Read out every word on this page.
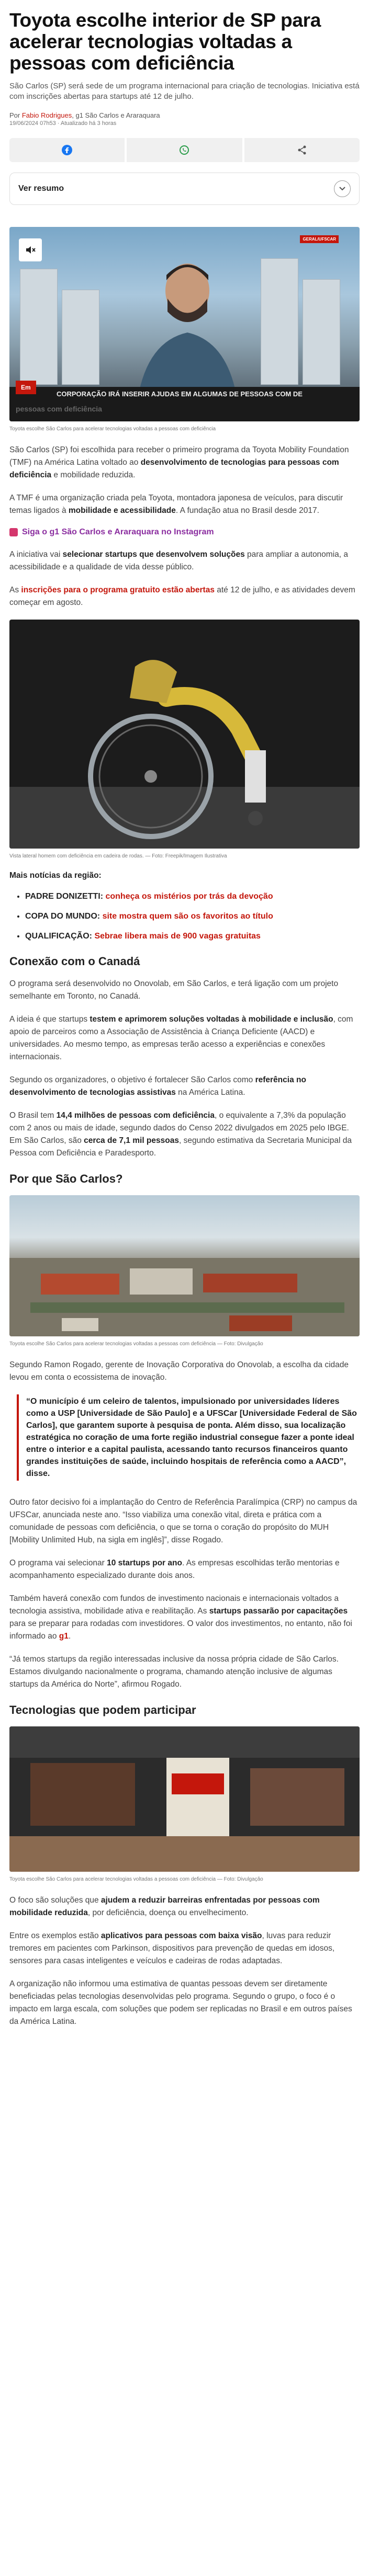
Toyota escolhe interior de SP para acelerar tecnologias voltadas a pessoas com deficiência

São Carlos (SP) será sede de um programa internacional para criação de tecnologias. Iniciativa está com inscrições abertas para startups até 12 de julho.

Por Fabio Rodrigues, g1 São Carlos e Araraquara
19/06/2024 07h53 · Atualizado há 3 horas
Ver resumo
GERAL/UFSCAR
Em
CORPORAÇÃO IRÁ INSERIR AJUDAS EM ALGUMAS DE PESSOAS COM DE
pessoas com deficiência
Toyota escolhe São Carlos para acelerar tecnologias voltadas a pessoas com deficiência

São Carlos (SP) foi escolhida para receber o primeiro programa da Toyota Mobility Foundation (TMF) na América Latina voltado ao desenvolvimento de tecnologias para pessoas com deficiência e mobilidade reduzida.

A TMF é uma organização criada pela Toyota, montadora japonesa de veículos, para discutir temas ligados à mobilidade e acessibilidade. A fundação atua no Brasil desde 2017.

Siga o g1 São Carlos e Araraquara no Instagram

A iniciativa vai selecionar startups que desenvolvem soluções para ampliar a autonomia, a acessibilidade e a qualidade de vida desse público.

As inscrições para o programa gratuito estão abertas até 12 de julho, e as atividades devem começar em agosto.

Vista lateral homem com deficiência em cadeira de rodas. — Foto: Freepik/Imagem Ilustrativa
Mais notícias da região:
• PADRE DONIZETTI: conheça os mistérios por trás da devoção
• COPA DO MUNDO: site mostra quem são os favoritos ao título
• QUALIFICAÇÃO: Sebrae libera mais de 900 vagas gratuitas
Conexão com o Canadá

O programa será desenvolvido no Onovolab, em São Carlos, e terá ligação com um projeto semelhante em Toronto, no Canadá.

A ideia é que startups testem e aprimorem soluções voltadas à mobilidade e inclusão, com apoio de parceiros como a Associação de Assistência à Criança Deficiente (AACD) e universidades. Ao mesmo tempo, as empresas terão acesso a experiências e conexões internacionais.

Segundo os organizadores, o objetivo é fortalecer São Carlos como referência no desenvolvimento de tecnologias assistivas na América Latina.

O Brasil tem 14,4 milhões de pessoas com deficiência, o equivalente a 7,3% da população com 2 anos ou mais de idade, segundo dados do Censo 2022 divulgados em 2025 pelo IBGE. Em São Carlos, são cerca de 7,1 mil pessoas, segundo estimativa da Secretaria Municipal da Pessoa com Deficiência e Paradesporto.

Por que São Carlos?
Toyota escolhe São Carlos para acelerar tecnologias voltadas a pessoas com deficiência — Foto: Divulgação

Segundo Ramon Rogado, gerente de Inovação Corporativa do Onovolab, a escolha da cidade levou em conta o ecossistema de inovação.

“O município é um celeiro de talentos, impulsionado por universidades líderes como a USP [Universidade de São Paulo] e a UFSCar [Universidade Federal de São Carlos], que garantem suporte à pesquisa de ponta. Além disso, sua localização estratégica no coração de uma forte região industrial consegue fazer a ponte ideal entre o interior e a capital paulista, acessando tanto recursos financeiros quanto grandes instituições de saúde, incluindo hospitais de referência como a AACD”, disse.

Outro fator decisivo foi a implantação do Centro de Referência Paralímpica (CRP) no campus da UFSCar, anunciada neste ano. “Isso viabiliza uma conexão vital, direta e prática com a comunidade de pessoas com deficiência, o que se torna o coração do propósito do MUH [Mobility Unlimited Hub, na sigla em inglês]”, disse Rogado.

O programa vai selecionar 10 startups por ano. As empresas escolhidas terão mentorias e acompanhamento especializado durante dois anos.

Também haverá conexão com fundos de investimento nacionais e internacionais voltados a tecnologia assistiva, mobilidade ativa e reabilitação. As startups passarão por capacitações para se preparar para rodadas com investidores. O valor dos investimentos, no entanto, não foi informado ao g1.

“Já temos startups da região interessadas inclusive da nossa própria cidade de São Carlos. Estamos divulgando nacionalmente o programa, chamando atenção inclusive de algumas startups da América do Norte”, afirmou Rogado.

Tecnologias que podem participar
Toyota escolhe São Carlos para acelerar tecnologias voltadas a pessoas com deficiência — Foto: Divulgação

O foco são soluções que ajudem a reduzir barreiras enfrentadas por pessoas com mobilidade reduzida, por deficiência, doença ou envelhecimento.

Entre os exemplos estão aplicativos para pessoas com baixa visão, luvas para reduzir tremores em pacientes com Parkinson, dispositivos para prevenção de quedas em idosos, sensores para casas inteligentes e veículos e cadeiras de rodas adaptadas.

A organização não informou uma estimativa de quantas pessoas devem ser diretamente beneficiadas pelas tecnologias desenvolvidas pelo programa. Segundo o grupo, o foco é o impacto em larga escala, com soluções que podem ser replicadas no Brasil e em outros países da América Latina.
